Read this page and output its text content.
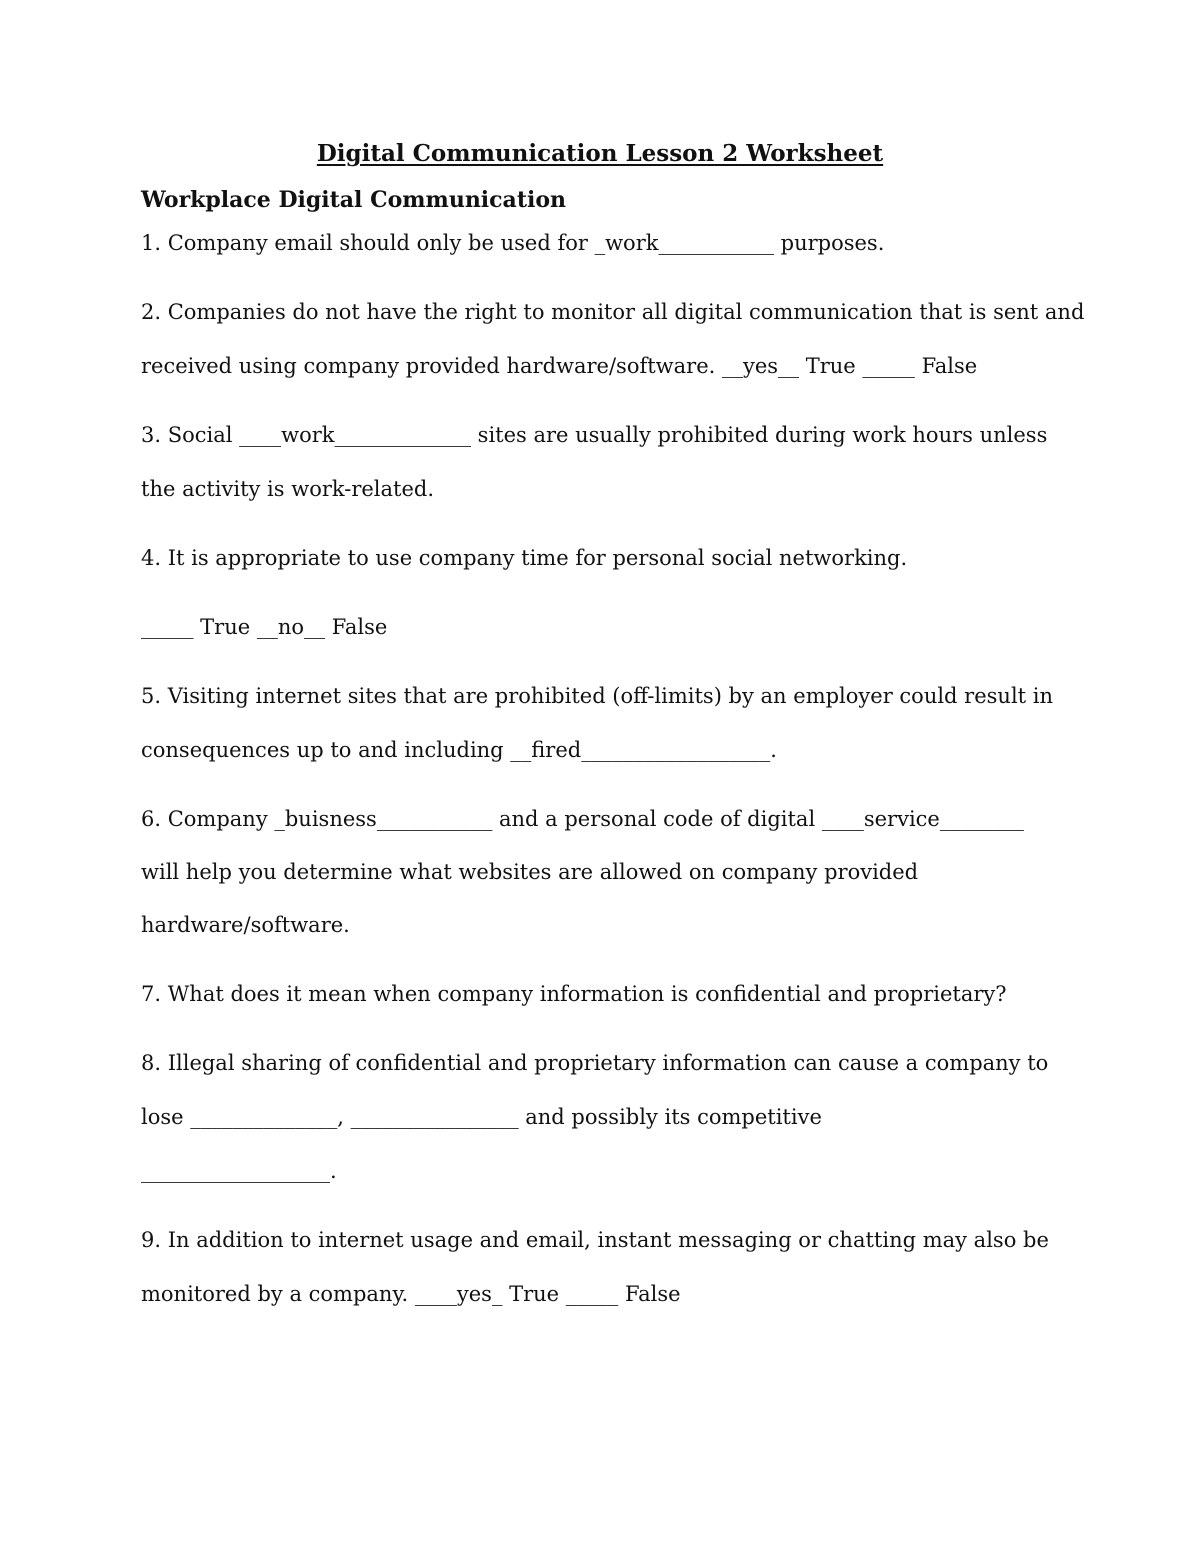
Digital Communication Lesson 2 Worksheet
Workplace Digital Communication

1. Company email should only be used for _work___________ purposes.

2. Companies do not have the right to monitor all digital communication that is sent and

received using company provided hardware/software. __yes__ True _____ False

3. Social ____work_____________ sites are usually prohibited during work hours unless

the activity is work-related.

4. It is appropriate to use company time for personal social networking.

_____ True __no__ False

5. Visiting internet sites that are prohibited (off-limits) by an employer could result in

consequences up to and including __fired__________________.

6. Company _buisness___________ and a personal code of digital ____service________

will help you determine what websites are allowed on company provided

hardware/software.

7. What does it mean when company information is confidential and proprietary?

8. Illegal sharing of confidential and proprietary information can cause a company to

lose ______________, ________________ and possibly its competitive

__________________.

9. In addition to internet usage and email, instant messaging or chatting may also be

monitored by a company. ____yes_ True _____ False
